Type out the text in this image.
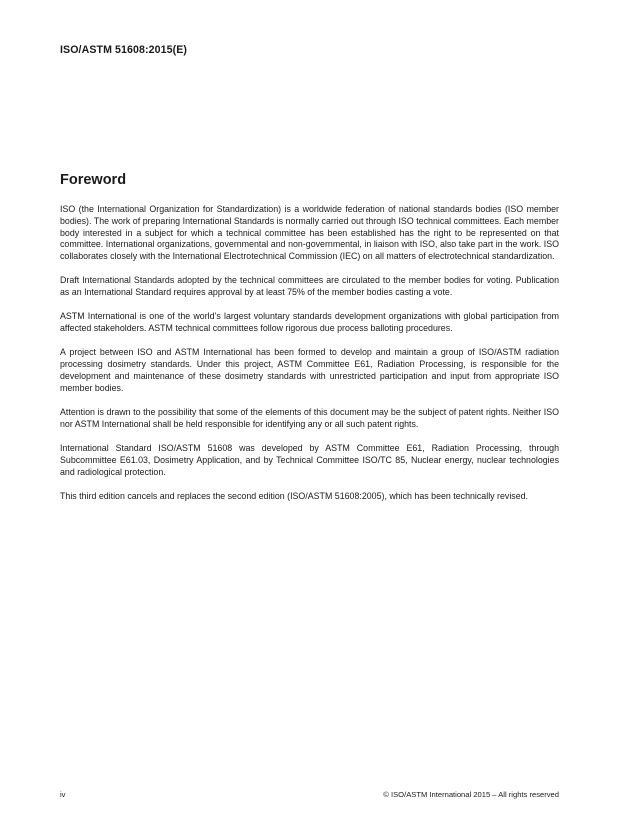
ISO/ASTM 51608:2015(E)
Foreword

ISO (the International Organization for Standardization) is a worldwide federation of national standards bodies (ISO member bodies). The work of preparing International Standards is normally carried out through ISO technical committees. Each member body interested in a subject for which a technical committee has been established has the right to be represented on that committee. International organizations, governmental and non-governmental, in liaison with ISO, also take part in the work. ISO collaborates closely with the International Electrotechnical Commission (IEC) on all matters of electrotechnical standardization.

Draft International Standards adopted by the technical committees are circulated to the member bodies for voting. Publication as an International Standard requires approval by at least 75% of the member bodies casting a vote.

ASTM International is one of the world’s largest voluntary standards development organizations with global participation from affected stakeholders. ASTM technical committees follow rigorous due process balloting procedures.

A project between ISO and ASTM International has been formed to develop and maintain a group of ISO/ASTM radiation processing dosimetry standards. Under this project, ASTM Committee E61, Radiation Processing, is responsible for the development and maintenance of these dosimetry standards with unrestricted participation and input from appropriate ISO member bodies.

Attention is drawn to the possibility that some of the elements of this document may be the subject of patent rights. Neither ISO nor ASTM International shall be held responsible for identifying any or all such patent rights.

International Standard ISO/ASTM 51608 was developed by ASTM Committee E61, Radiation Processing, through Subcommittee E61.03, Dosimetry Application, and by Technical Committee ISO/TC 85, Nuclear energy, nuclear technologies and radiological protection.

This third edition cancels and replaces the second edition (ISO/ASTM 51608:2005), which has been technically revised.

iv	© ISO/ASTM International 2015 – All rights reserved
